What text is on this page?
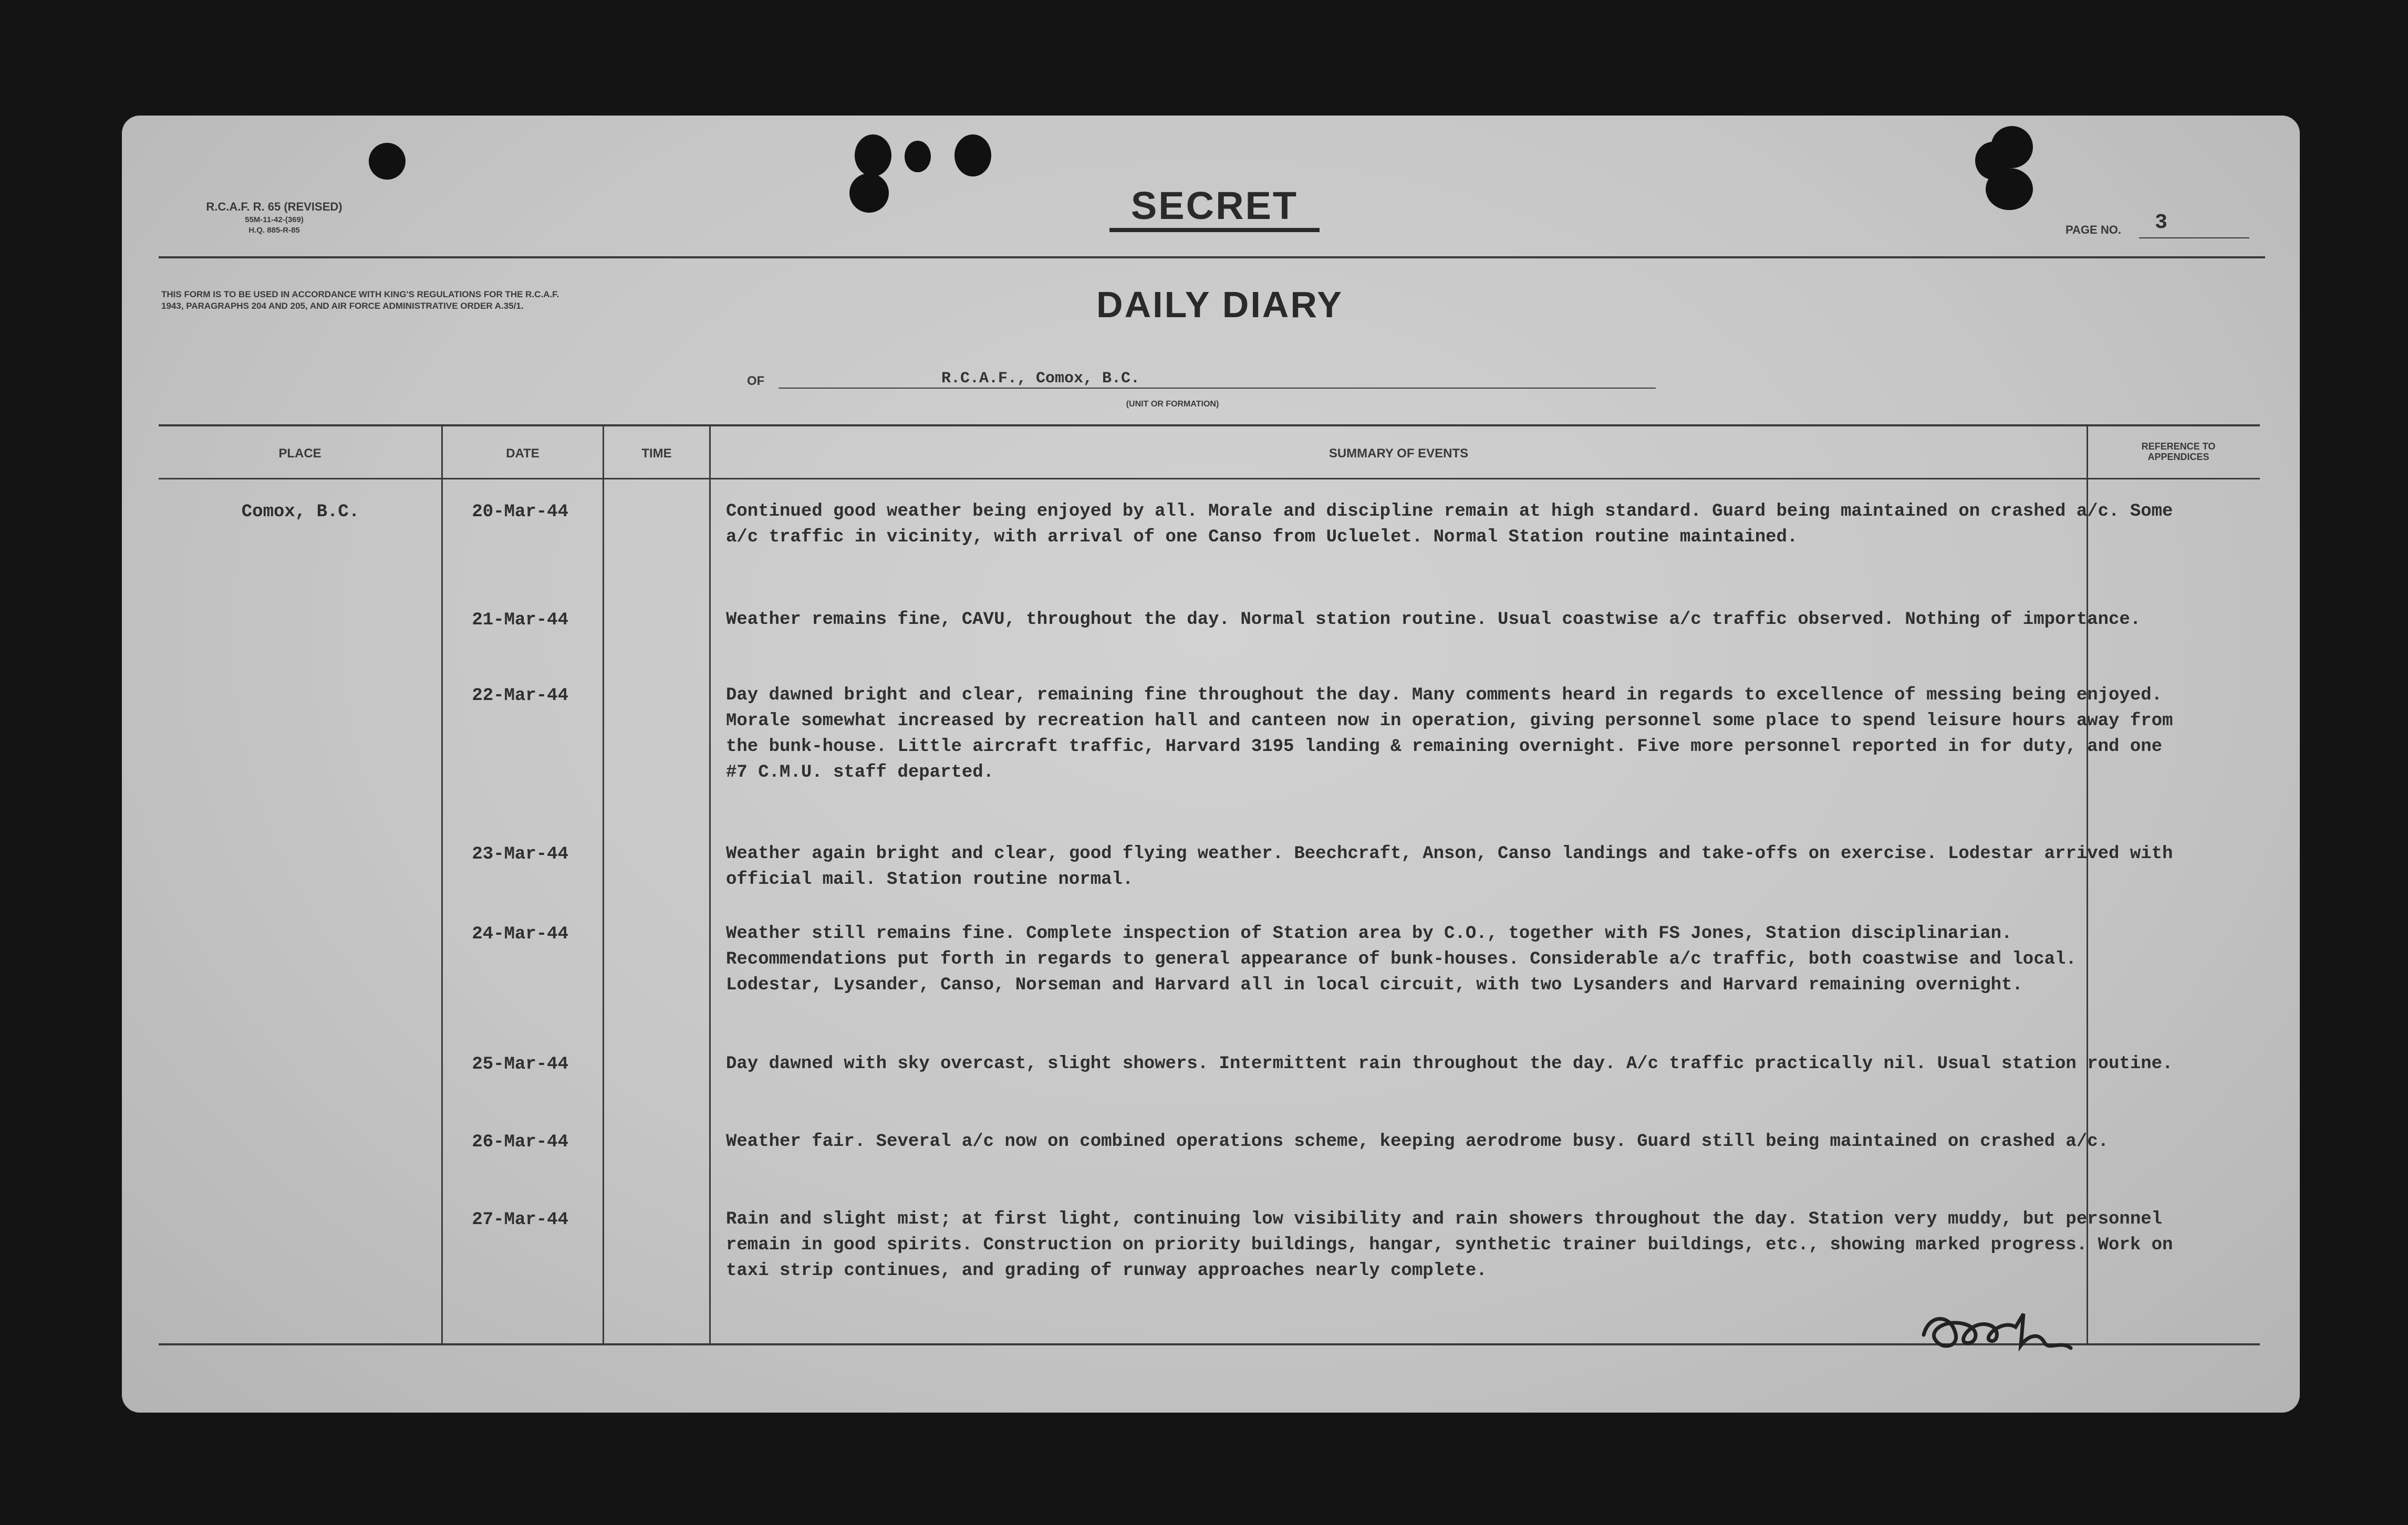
R.C.A.F. R. 65 (REVISED)
55M-11-42-(369)
H.Q. 885-R-85
SECRET
PAGE NO. 3
THIS FORM IS TO BE USED IN ACCORDANCE WITH KING'S REGULATIONS FOR THE R.C.A.F. 1943, PARAGRAPHS 204 AND 205, AND AIR FORCE ADMINISTRATIVE ORDER A.35/1.	DAILY DIARY
OF	R.C.A.F., Comox, B.C.
(UNIT OR FORMATION)
PLACE	DATE	TIME	SUMMARY OF EVENTS	REFERENCE TO APPENDICES
Comox, B.C.	20-Mar-44	Continued good weather being enjoyed by all. Morale and discipline remain at high standard. Guard being maintained on crashed a/c. Some a/c traffic in vicinity, with arrival of one Canso from Ucluelet. Normal Station routine maintained.
21-Mar-44	Weather remains fine, CAVU, throughout the day. Normal station routine. Usual coastwise a/c traffic observed. Nothing of importance.
22-Mar-44	Day dawned bright and clear, remaining fine throughout the day. Many comments heard in regards to excellence of messing being enjoyed. Morale somewhat increased by recreation hall and canteen now in operation, giving personnel some place to spend leisure hours away from the bunk-house. Little aircraft traffic, Harvard 3195 landing & remaining overnight. Five more personnel reported in for duty, and one #7 C.M.U. staff departed.
23-Mar-44	Weather again bright and clear, good flying weather. Beechcraft, Anson, Canso landings and take-offs on exercise. Lodestar arrived with official mail. Station routine normal.
24-Mar-44	Weather still remains fine. Complete inspection of Station area by C.O., together with FS Jones, Station disciplinarian. Recommendations put forth in regards to general appearance of bunk-houses. Considerable a/c traffic, both coastwise and local. Lodestar, Lysander, Canso, Norseman and Harvard all in local circuit, with two Lysanders and Harvard remaining overnight.
25-Mar-44	Day dawned with sky overcast, slight showers. Intermittent rain throughout the day. A/c traffic practically nil. Usual station routine.
26-Mar-44	Weather fair. Several a/c now on combined operations scheme, keeping aerodrome busy. Guard still being maintained on crashed a/c.
27-Mar-44	Rain and slight mist; at first light, continuing low visibility and rain showers throughout the day. Station very muddy, but personnel remain in good spirits. Construction on priority buildings, hangar, synthetic trainer buildings, etc., showing marked progress. Work on taxi strip continues, and grading of runway approaches nearly complete.
